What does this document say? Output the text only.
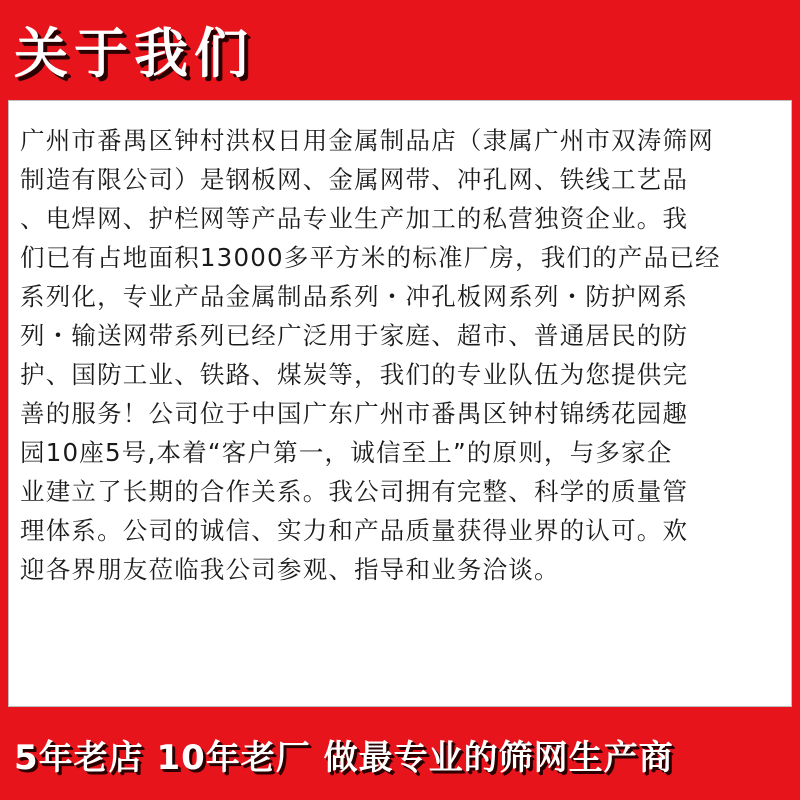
关于我们

广州市番禺区钟村洪权日用金属制品店（隶属广州市双涛筛网
制造有限公司）是钢板网、金属网带、冲孔网、铁线工艺品
、电焊网、护栏网等产品专业生产加工的私营独资企业。我
们已有占地面积13000多平方米的标准厂房，我们的产品已经
系列化，专业产品金属制品系列・冲孔板网系列・防护网系
列・输送网带系列已经广泛用于家庭、超市、普通居民的防
护、国防工业、铁路、煤炭等，我们的专业队伍为您提供完
善的服务！公司位于中国广东广州市番禺区钟村锦绣花园趣
园10座5号,本着“客户第一，诚信至上”的原则，与多家企
业建立了长期的合作关系。我公司拥有完整、科学的质量管
理体系。公司的诚信、实力和产品质量获得业界的认可。欢
迎各界朋友莅临我公司参观、指导和业务洽谈。

5年老店 10年老厂 做最专业的筛网生产商
